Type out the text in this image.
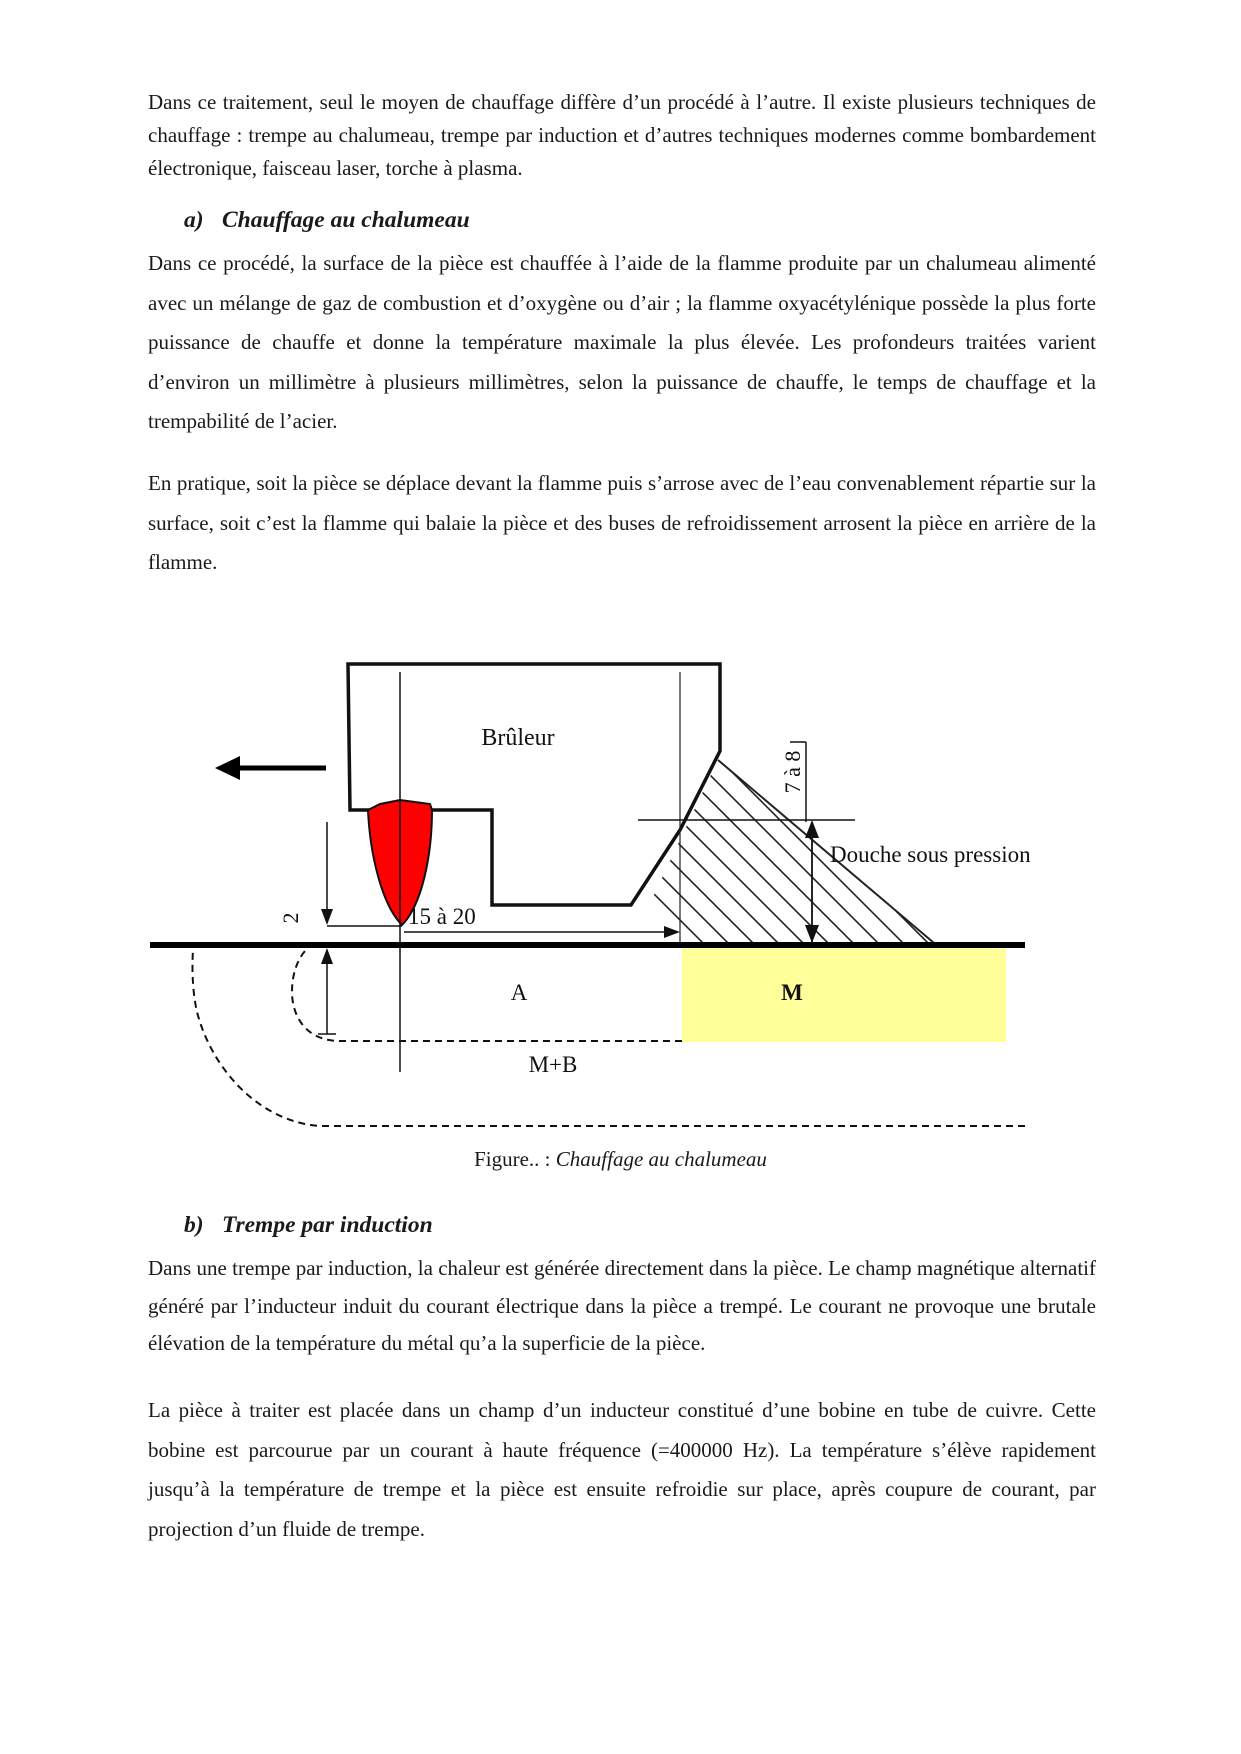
Dans ce traitement, seul le moyen de chauffage diffère d’un procédé à l’autre. Il existe plusieurs techniques de chauffage : trempe au chalumeau, trempe par induction et d’autres techniques modernes comme bombardement électronique, faisceau laser, torche à plasma.

a) Chauffage au chalumeau

Dans ce procédé, la surface de la pièce est chauffée à l’aide de la flamme produite par un chalumeau alimenté avec un mélange de gaz de combustion et d’oxygène ou d’air ; la flamme oxyacétylénique possède la plus forte puissance de chauffe et donne la température maximale la plus élevée. Les profondeurs traitées varient d’environ un millimètre à plusieurs millimètres, selon la puissance de chauffe, le temps de chauffage et la trempabilité de l’acier.

En pratique, soit la pièce se déplace devant la flamme puis s’arrose avec de l’eau convenablement répartie sur la surface, soit c’est la flamme qui balaie la pièce et des buses de refroidissement arrosent la pièce en arrière de la flamme.

Brûleur
7 à 8
Douche sous pression
2	15 à 20
A	M
M+B
Figure.. : Chauffage au chalumeau
b) Trempe par induction

Dans une trempe par induction, la chaleur est générée directement dans la pièce. Le champ magnétique alternatif généré par l’inducteur induit du courant électrique dans la pièce a trempé. Le courant ne provoque une brutale élévation de la température du métal qu’a la superficie de la pièce.

La pièce à traiter est placée dans un champ d’un inducteur constitué d’une bobine en tube de cuivre. Cette bobine est parcourue par un courant à haute fréquence (=400000 Hz). La température s’élève rapidement jusqu’à la température de trempe et la pièce est ensuite refroidie sur place, après coupure de courant, par projection d’un fluide de trempe.
